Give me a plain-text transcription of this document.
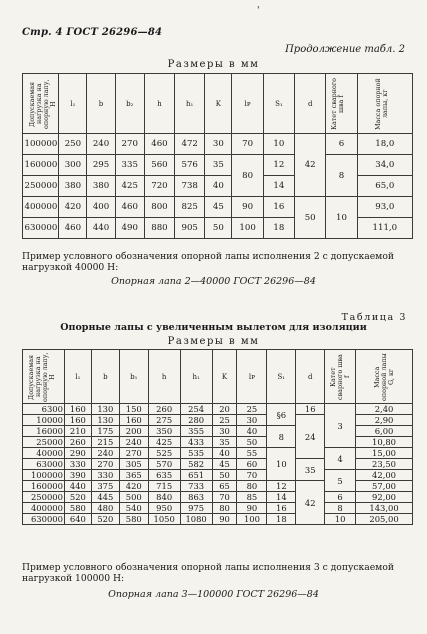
'
Стр. 4 ГОСТ 26296—84
Продолжение табл. 2
Размеры в мм
Допускаемая нагрузка на опорную лапу, Н	l₁	b	b₂	h	h₁	K	lᴘ	S₁	d	Катет сварного шва f	Масса опорной лапы, кг

100000	250	240	270	460	472	30	70	10	42	6	18,0
160000	300	295	335	560	576	35	80	12		8	34,0
250000	380	380	425	720	738	40		14			65,0
400000	420	400	460	800	825	45	90	16	50	10	93,0
630000	460	440	490	880	905	50	100	18			111,0
Пример условного обозначения опорной лапы исполнения 2 с допускаемой нагрузкой 40000 Н:
Опорная лапа 2—40000 ГОСТ 26296—84
Таблица 3
Опорные лапы с увеличенным вылетом для изоляции
Размеры в мм
Допускаемая нагрузка на опорную лапу, Н	l₁	b	b₁	h	h₁	K	lᴘ	S₁	d	Катет сварного шва f	Масса опорной лапы G, кг

6300	160	130	150	260	254	20	25	§6	16	3	2,40
10000	160	130	160	275	280	25	30		24		2,90
16000	210	175	200	350	355	30	40	8			6,00
25000	260	215	240	425	433	35	50				10,80
40000	290	240	270	525	535	40	55	10		4	15,00
63000	330	270	305	570	582	45	60		35		23,50
100000	390	330	365	635	651	50	70			5	42,00
160000	440	375	420	715	733	65	80	12	42		57,00
250000	520	445	500	840	863	70	85	14		6	92,00
400000	580	480	540	950	975	80	90	16		8	143,00
630000	640	520	580	1050	1080	90	100	18		10	205,00
Пример условного обозначения опорной лапы исполнения 3 с допускаемой нагрузкой 100000 Н:
Опорная лапа 3—100000 ГОСТ 26296—84
